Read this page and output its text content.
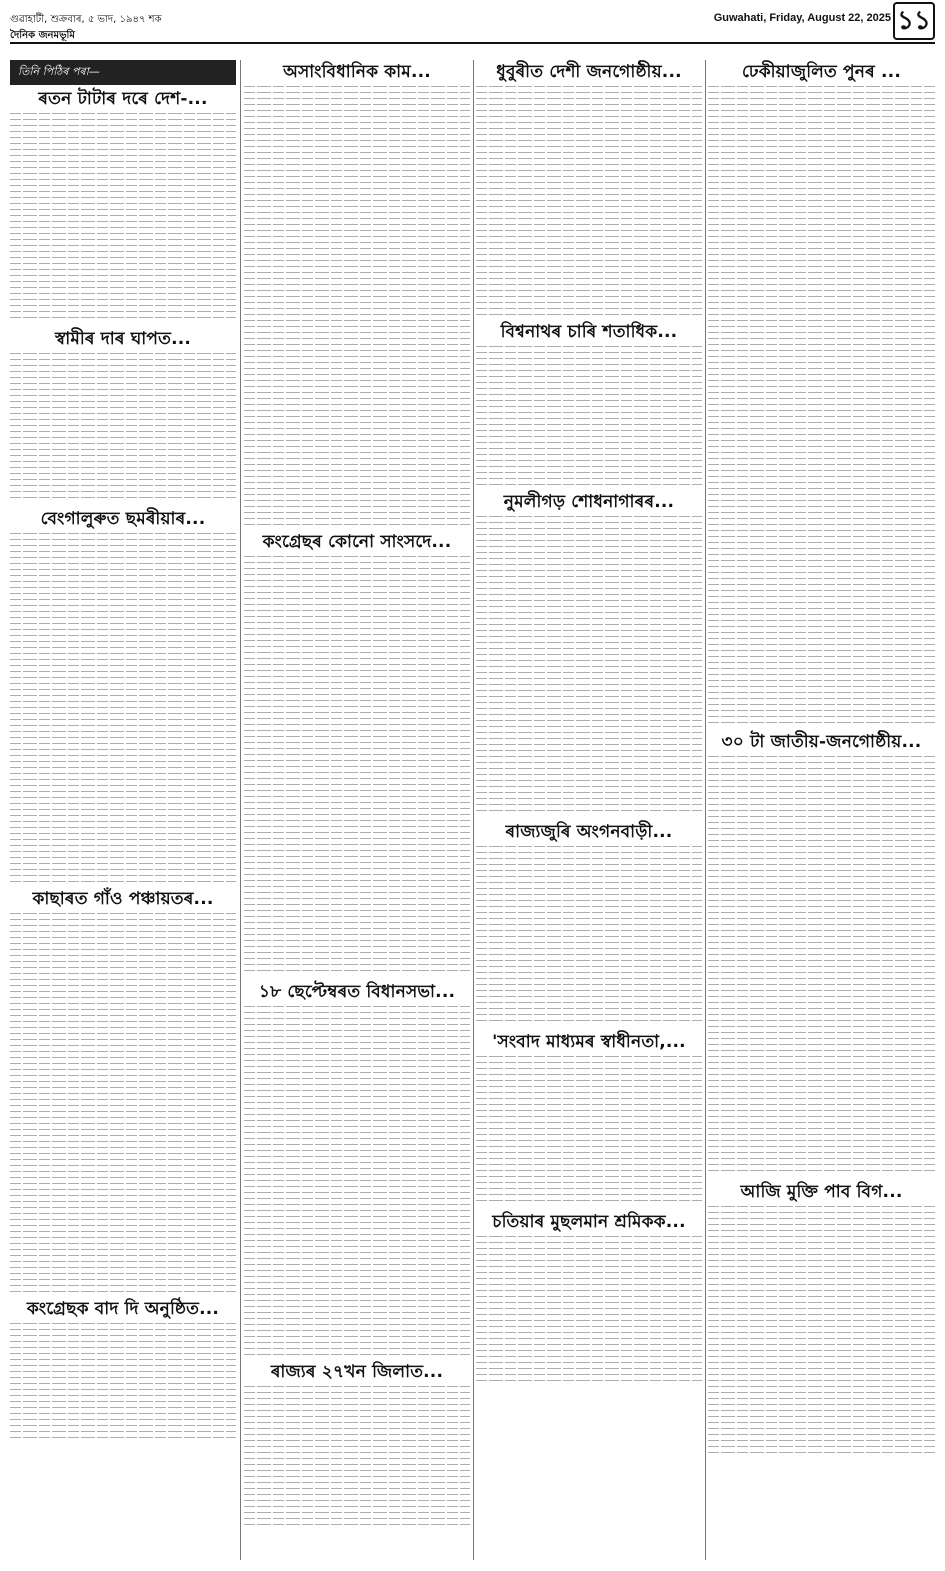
গুৱাহাটী, শুক্ৰবাৰ, ৫ ভাদ, ১৯৪৭ শক
দৈনিক জনমভূমি
Guwahati, Friday, August 22, 2025 ১১
তিনি পিঠিৰ পৰা—
ৰতন টাটাৰ দৰে দেশ-...
স্বামীৰ দাৰ ঘাপত...
বেংগালুৰুত ছমৰীয়াৰ...
কাছাৰত গাঁও পঞ্চায়তৰ...
কংগ্ৰেছক বাদ দি অনুষ্ঠিত...
অসাংবিধানিক কাম...
কংগ্ৰেছৰ কোনো সাংসদে...
১৮ ছেপ্টেম্বৰত বিধানসভা...
ৰাজ্যৰ ২৭খন জিলাত...
ধুবুৰীত দেশী জনগোষ্ঠীয়...
বিশ্বনাথৰ চাৰি শতাধিক...
নুমলীগড় শোধনাগাৰৰ...
ৰাজ্যজুৰি অংগনবাড়ী...
'সংবাদ মাধ্যমৰ স্বাধীনতা,...
চতিয়াৰ মুছলমান শ্ৰমিকক...
ঢেকীয়াজুলিত পুনৰ ...
৩০ টা জাতীয়-জনগোষ্ঠীয়...
আজি মুক্তি পাব বিগ...
